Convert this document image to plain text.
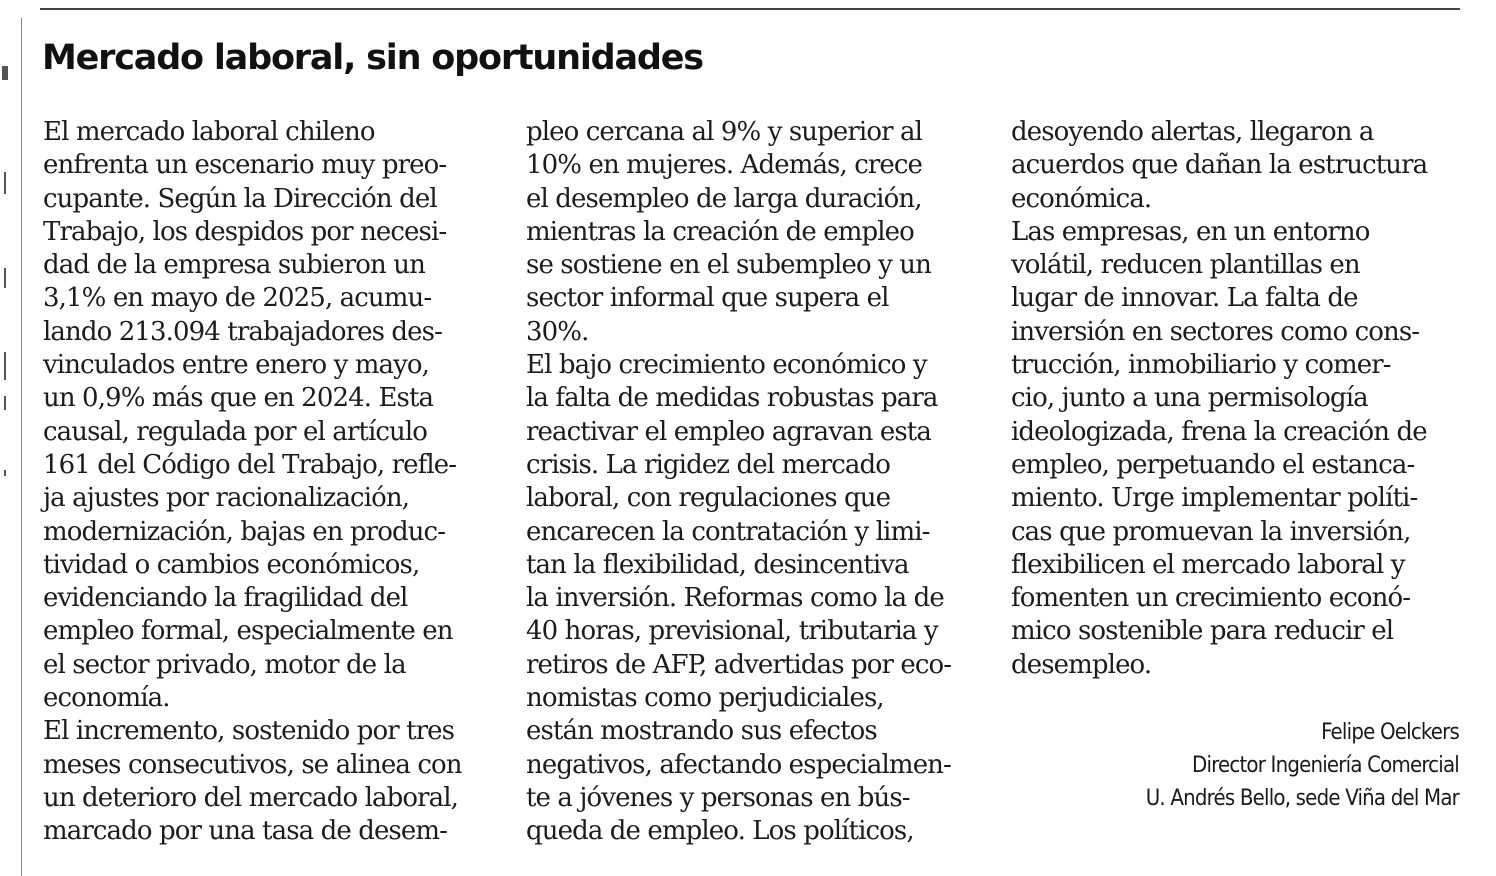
Mercado laboral, sin oportunidades
El mercado laboral chileno
enfrenta un escenario muy preo-
cupante. Según la Dirección del
Trabajo, los despidos por necesi-
dad de la empresa subieron un
3,1% en mayo de 2025, acumu-
lando 213.094 trabajadores des-
vinculados entre enero y mayo,
un 0,9% más que en 2024. Esta
causal, regulada por el artículo
161 del Código del Trabajo, refle-
ja ajustes por racionalización,
modernización, bajas en produc-
tividad o cambios económicos,
evidenciando la fragilidad del
empleo formal, especialmente en
el sector privado, motor de la
economía.
El incremento, sostenido por tres
meses consecutivos, se alinea con
un deterioro del mercado laboral,
marcado por una tasa de desem-
pleo cercana al 9% y superior al
10% en mujeres. Además, crece
el desempleo de larga duración,
mientras la creación de empleo
se sostiene en el subempleo y un
sector informal que supera el
30%.
El bajo crecimiento económico y
la falta de medidas robustas para
reactivar el empleo agravan esta
crisis. La rigidez del mercado
laboral, con regulaciones que
encarecen la contratación y limi-
tan la flexibilidad, desincentiva
la inversión. Reformas como la de
40 horas, previsional, tributaria y
retiros de AFP, advertidas por eco-
nomistas como perjudiciales,
están mostrando sus efectos
negativos, afectando especialmen-
te a jóvenes y personas en bús-
queda de empleo. Los políticos,
desoyendo alertas, llegaron a
acuerdos que dañan la estructura
económica.
Las empresas, en un entorno
volátil, reducen plantillas en
lugar de innovar. La falta de
inversión en sectores como cons-
trucción, inmobiliario y comer-
cio, junto a una permisología
ideologizada, frena la creación de
empleo, perpetuando el estanca-
miento. Urge implementar políti-
cas que promuevan la inversión,
flexibilicen el mercado laboral y
fomenten un crecimiento econó-
mico sostenible para reducir el
desempleo.
Felipe Oelckers
Director Ingeniería Comercial
U. Andrés Bello, sede Viña del Mar
